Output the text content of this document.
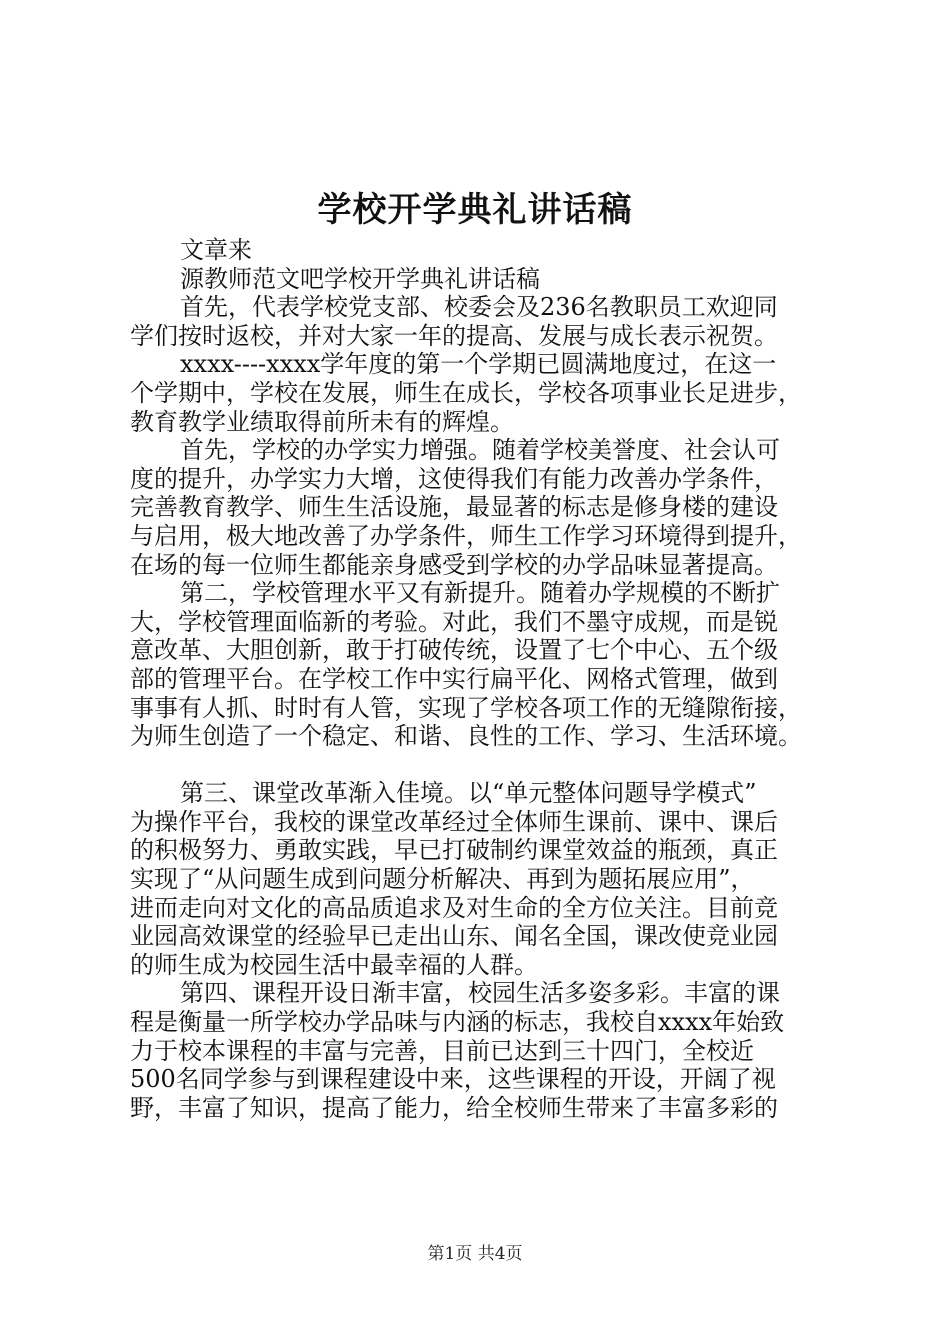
学校开学典礼讲话稿
文章来
源教师范文吧学校开学典礼讲话稿
首先，代表学校党支部、校委会及236名教职员工欢迎同
学们按时返校，并对大家一年的提高、发展与成长表示祝贺。
xxxx----xxxx学年度的第一个学期已圆满地度过，在这一
个学期中，学校在发展，师生在成长，学校各项事业长足进步，
教育教学业绩取得前所未有的辉煌。
首先，学校的办学实力增强。随着学校美誉度、社会认可
度的提升，办学实力大增，这使得我们有能力改善办学条件，
完善教育教学、师生生活设施，最显著的标志是修身楼的建设
与启用，极大地改善了办学条件，师生工作学习环境得到提升，
在场的每一位师生都能亲身感受到学校的办学品味显著提高。
第二，学校管理水平又有新提升。随着办学规模的不断扩
大，学校管理面临新的考验。对此，我们不墨守成规，而是锐
意改革、大胆创新，敢于打破传统，设置了七个中心、五个级
部的管理平台。在学校工作中实行扁平化、网格式管理，做到
事事有人抓、时时有人管，实现了学校各项工作的无缝隙衔接，
为师生创造了一个稳定、和谐、良性的工作、学习、生活环境。
第三、课堂改革渐入佳境。以“单元整体问题导学模式”
为操作平台，我校的课堂改革经过全体师生课前、课中、课后
的积极努力、勇敢实践，早已打破制约课堂效益的瓶颈，真正
实现了“从问题生成到问题分析解决、再到为题拓展应用”，
进而走向对文化的高品质追求及对生命的全方位关注。目前竞
业园高效课堂的经验早已走出山东、闻名全国，课改使竞业园
的师生成为校园生活中最幸福的人群。
第四、课程开设日渐丰富，校园生活多姿多彩。丰富的课
程是衡量一所学校办学品味与内涵的标志，我校自xxxx年始致
力于校本课程的丰富与完善，目前已达到三十四门，全校近
500名同学参与到课程建设中来，这些课程的开设，开阔了视
野，丰富了知识，提高了能力，给全校师生带来了丰富多彩的
第1页 共4页
